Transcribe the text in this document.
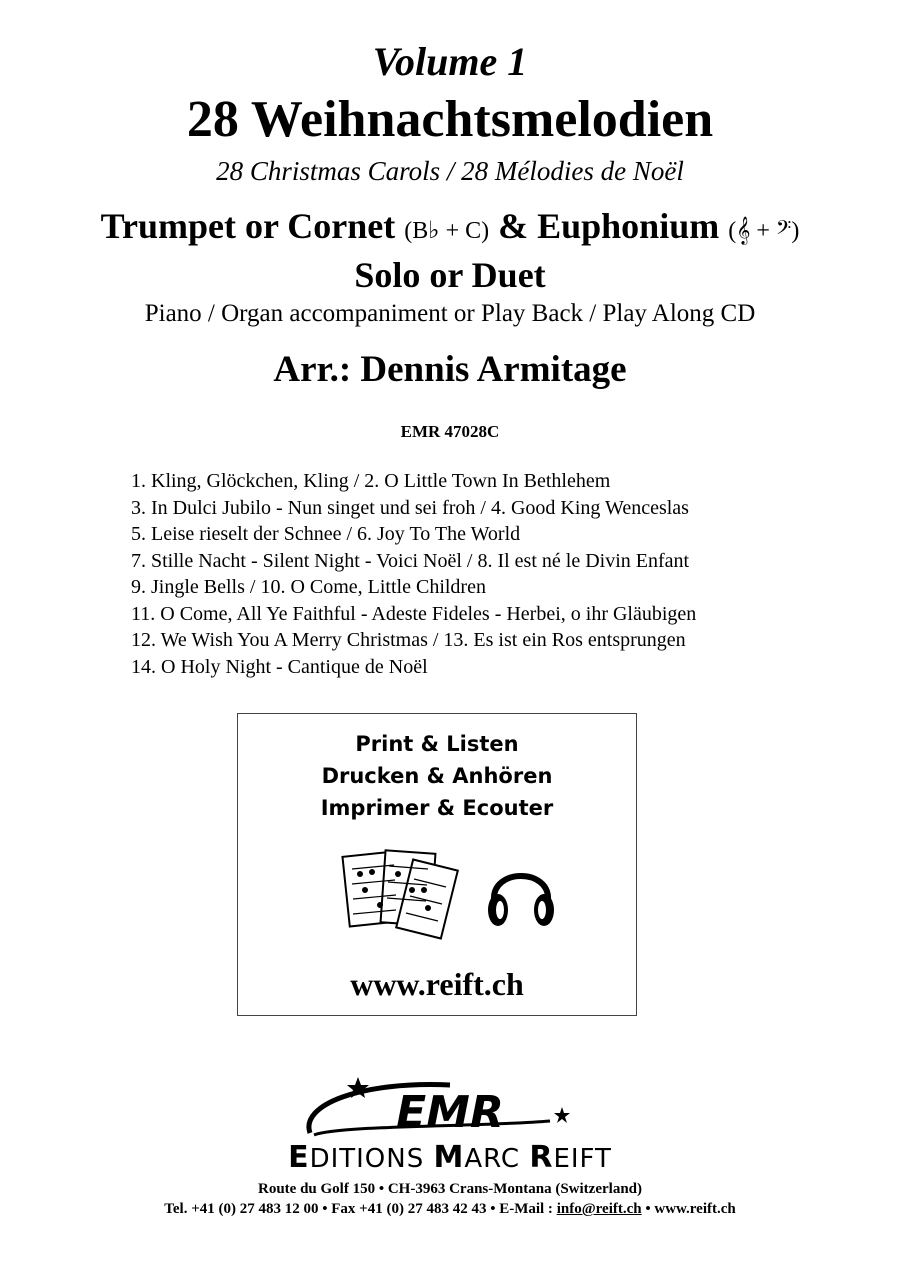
Volume 1
28 Weihnachtsmelodien
28 Christmas Carols / 28 Mélodies de Noël
Trumpet or Cornet (B♭ + C) & Euphonium (𝄞 + 𝄢)
Solo or Duet
Piano / Organ accompaniment or Play Back / Play Along CD
Arr.: Dennis Armitage
EMR 47028C
1. Kling, Glöckchen, Kling / 2. O Little Town In Bethlehem
3. In Dulci Jubilo - Nun singet und sei froh / 4. Good King Wenceslas
5. Leise rieselt der Schnee / 6. Joy To The World
7. Stille Nacht - Silent Night - Voici Noël / 8. Il est né le Divin Enfant
9. Jingle Bells / 10. O Come, Little Children
11. O Come, All Ye Faithful - Adeste Fideles - Herbei, o ihr Gläubigen
12. We Wish You A Merry Christmas / 13. Es ist ein Ros entsprungen
14. O Holy Night - Cantique de Noël
Print & Listen
Drucken & Anhören
Imprimer & Ecouter
www.reift.ch
EMR
EDITIONS MARC REIFT
Route du Golf 150 • CH-3963 Crans-Montana (Switzerland)
Tel. +41 (0) 27 483 12 00 • Fax +41 (0) 27 483 42 43 • E-Mail : info@reift.ch • www.reift.ch
